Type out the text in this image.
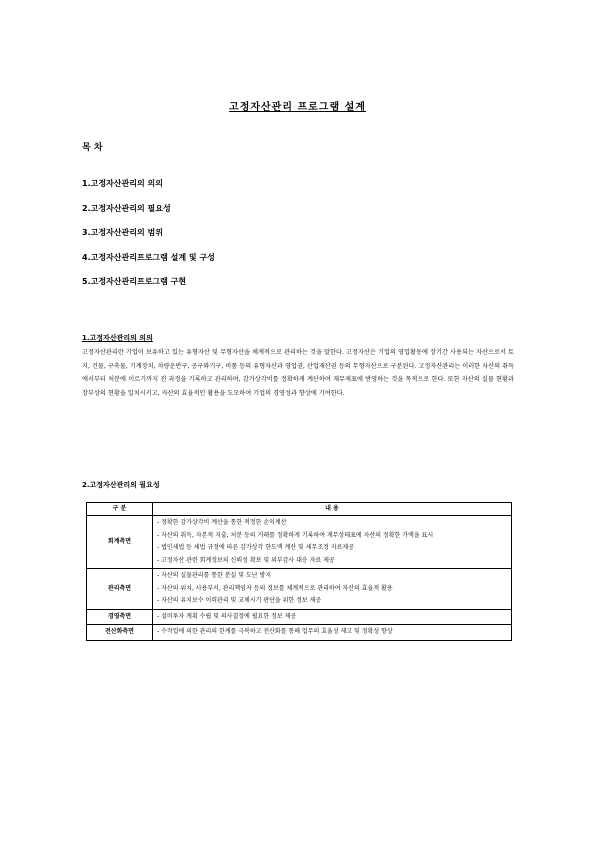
고정자산관리 프로그램 설계
목 차
1.고정자산관리의 의의
2.고정자산관리의 필요성
3.고정자산관리의 범위
4.고정자산관리프로그램 설계 및 구성
5.고정자산관리프로그램 구현
1.고정자산관리의 의의

고정자산관리란 기업이 보유하고 있는 유형자산 및 무형자산을 체계적으로 관리하는 것을 말한다. 고정자산은 기업의 영업활동에 장기간 사용되는 자산으로서 토지, 건물, 구축물, 기계장치, 차량운반구, 공구와기구, 비품 등의 유형자산과 영업권, 산업재산권 등의 무형자산으로 구분된다. 고정자산관리는 이러한 자산의 취득에서부터 처분에 이르기까지 전 과정을 기록하고 관리하며, 감가상각비를 정확하게 계산하여 재무제표에 반영하는 것을 목적으로 한다. 또한 자산의 실물 현황과 장부상의 현황을 일치시키고, 자산의 효율적인 활용을 도모하여 기업의 경영성과 향상에 기여한다.

2.고정자산관리의 필요성
구 분	내 용
회계측면	- 정확한 감가상각비 계산을 통한 적정한 손익계산
- 자산의 취득, 자본적 지출, 처분 등의 거래를 정확하게 기록하여 재무상태표에 자산의 정확한 가액을 표시
- 법인세법 등 세법 규정에 따른 감가상각 한도액 계산 및 세무조정 자료제공
- 고정자산 관련 회계정보의 신뢰성 확보 및 외부감사 대응 자료 제공

관리측면	- 자산의 실물관리를 통한 분실 및 도난 방지
- 자산의 위치, 사용부서, 관리책임자 등의 정보를 체계적으로 관리하여 자산의 효율적 활용
- 자산의 유지보수 이력관리 및 교체시기 판단을 위한 정보 제공

경영측면	- 설비투자 계획 수립 및 의사결정에 필요한 정보 제공

전산화측면	- 수작업에 의한 관리의 한계를 극복하고 전산화를 통해 업무의 효율성 제고 및 정확성 향상
